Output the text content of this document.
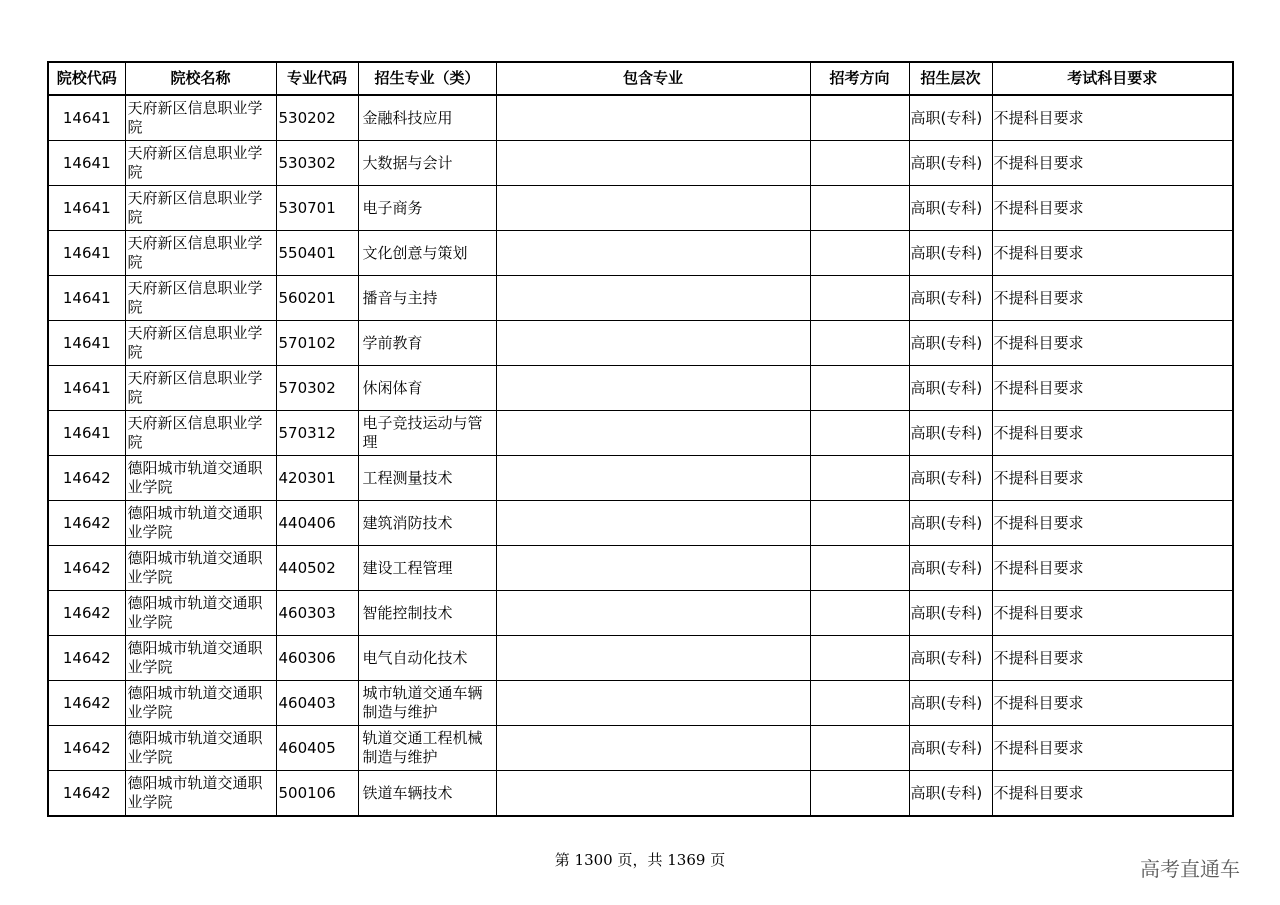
院校代码	院校名称	专业代码	招生专业（类）	包含专业	招考方向	招生层次	考试科目要求
14641	天府新区信息职业学院	530202	金融科技应用			高职(专科)	不提科目要求
14641	天府新区信息职业学院	530302	大数据与会计			高职(专科)	不提科目要求
14641	天府新区信息职业学院	530701	电子商务			高职(专科)	不提科目要求
14641	天府新区信息职业学院	550401	文化创意与策划			高职(专科)	不提科目要求
14641	天府新区信息职业学院	560201	播音与主持			高职(专科)	不提科目要求
14641	天府新区信息职业学院	570102	学前教育			高职(专科)	不提科目要求
14641	天府新区信息职业学院	570302	休闲体育			高职(专科)	不提科目要求
14641	天府新区信息职业学院	570312	电子竞技运动与管理			高职(专科)	不提科目要求
14642	德阳城市轨道交通职业学院	420301	工程测量技术			高职(专科)	不提科目要求
14642	德阳城市轨道交通职业学院	440406	建筑消防技术			高职(专科)	不提科目要求
14642	德阳城市轨道交通职业学院	440502	建设工程管理			高职(专科)	不提科目要求
14642	德阳城市轨道交通职业学院	460303	智能控制技术			高职(专科)	不提科目要求
14642	德阳城市轨道交通职业学院	460306	电气自动化技术			高职(专科)	不提科目要求
14642	德阳城市轨道交通职业学院	460403	城市轨道交通车辆制造与维护			高职(专科)	不提科目要求
14642	德阳城市轨道交通职业学院	460405	轨道交通工程机械制造与维护			高职(专科)	不提科目要求
14642	德阳城市轨道交通职业学院	500106	铁道车辆技术			高职(专科)	不提科目要求
第 1300 页，共 1369 页	高考直通车
